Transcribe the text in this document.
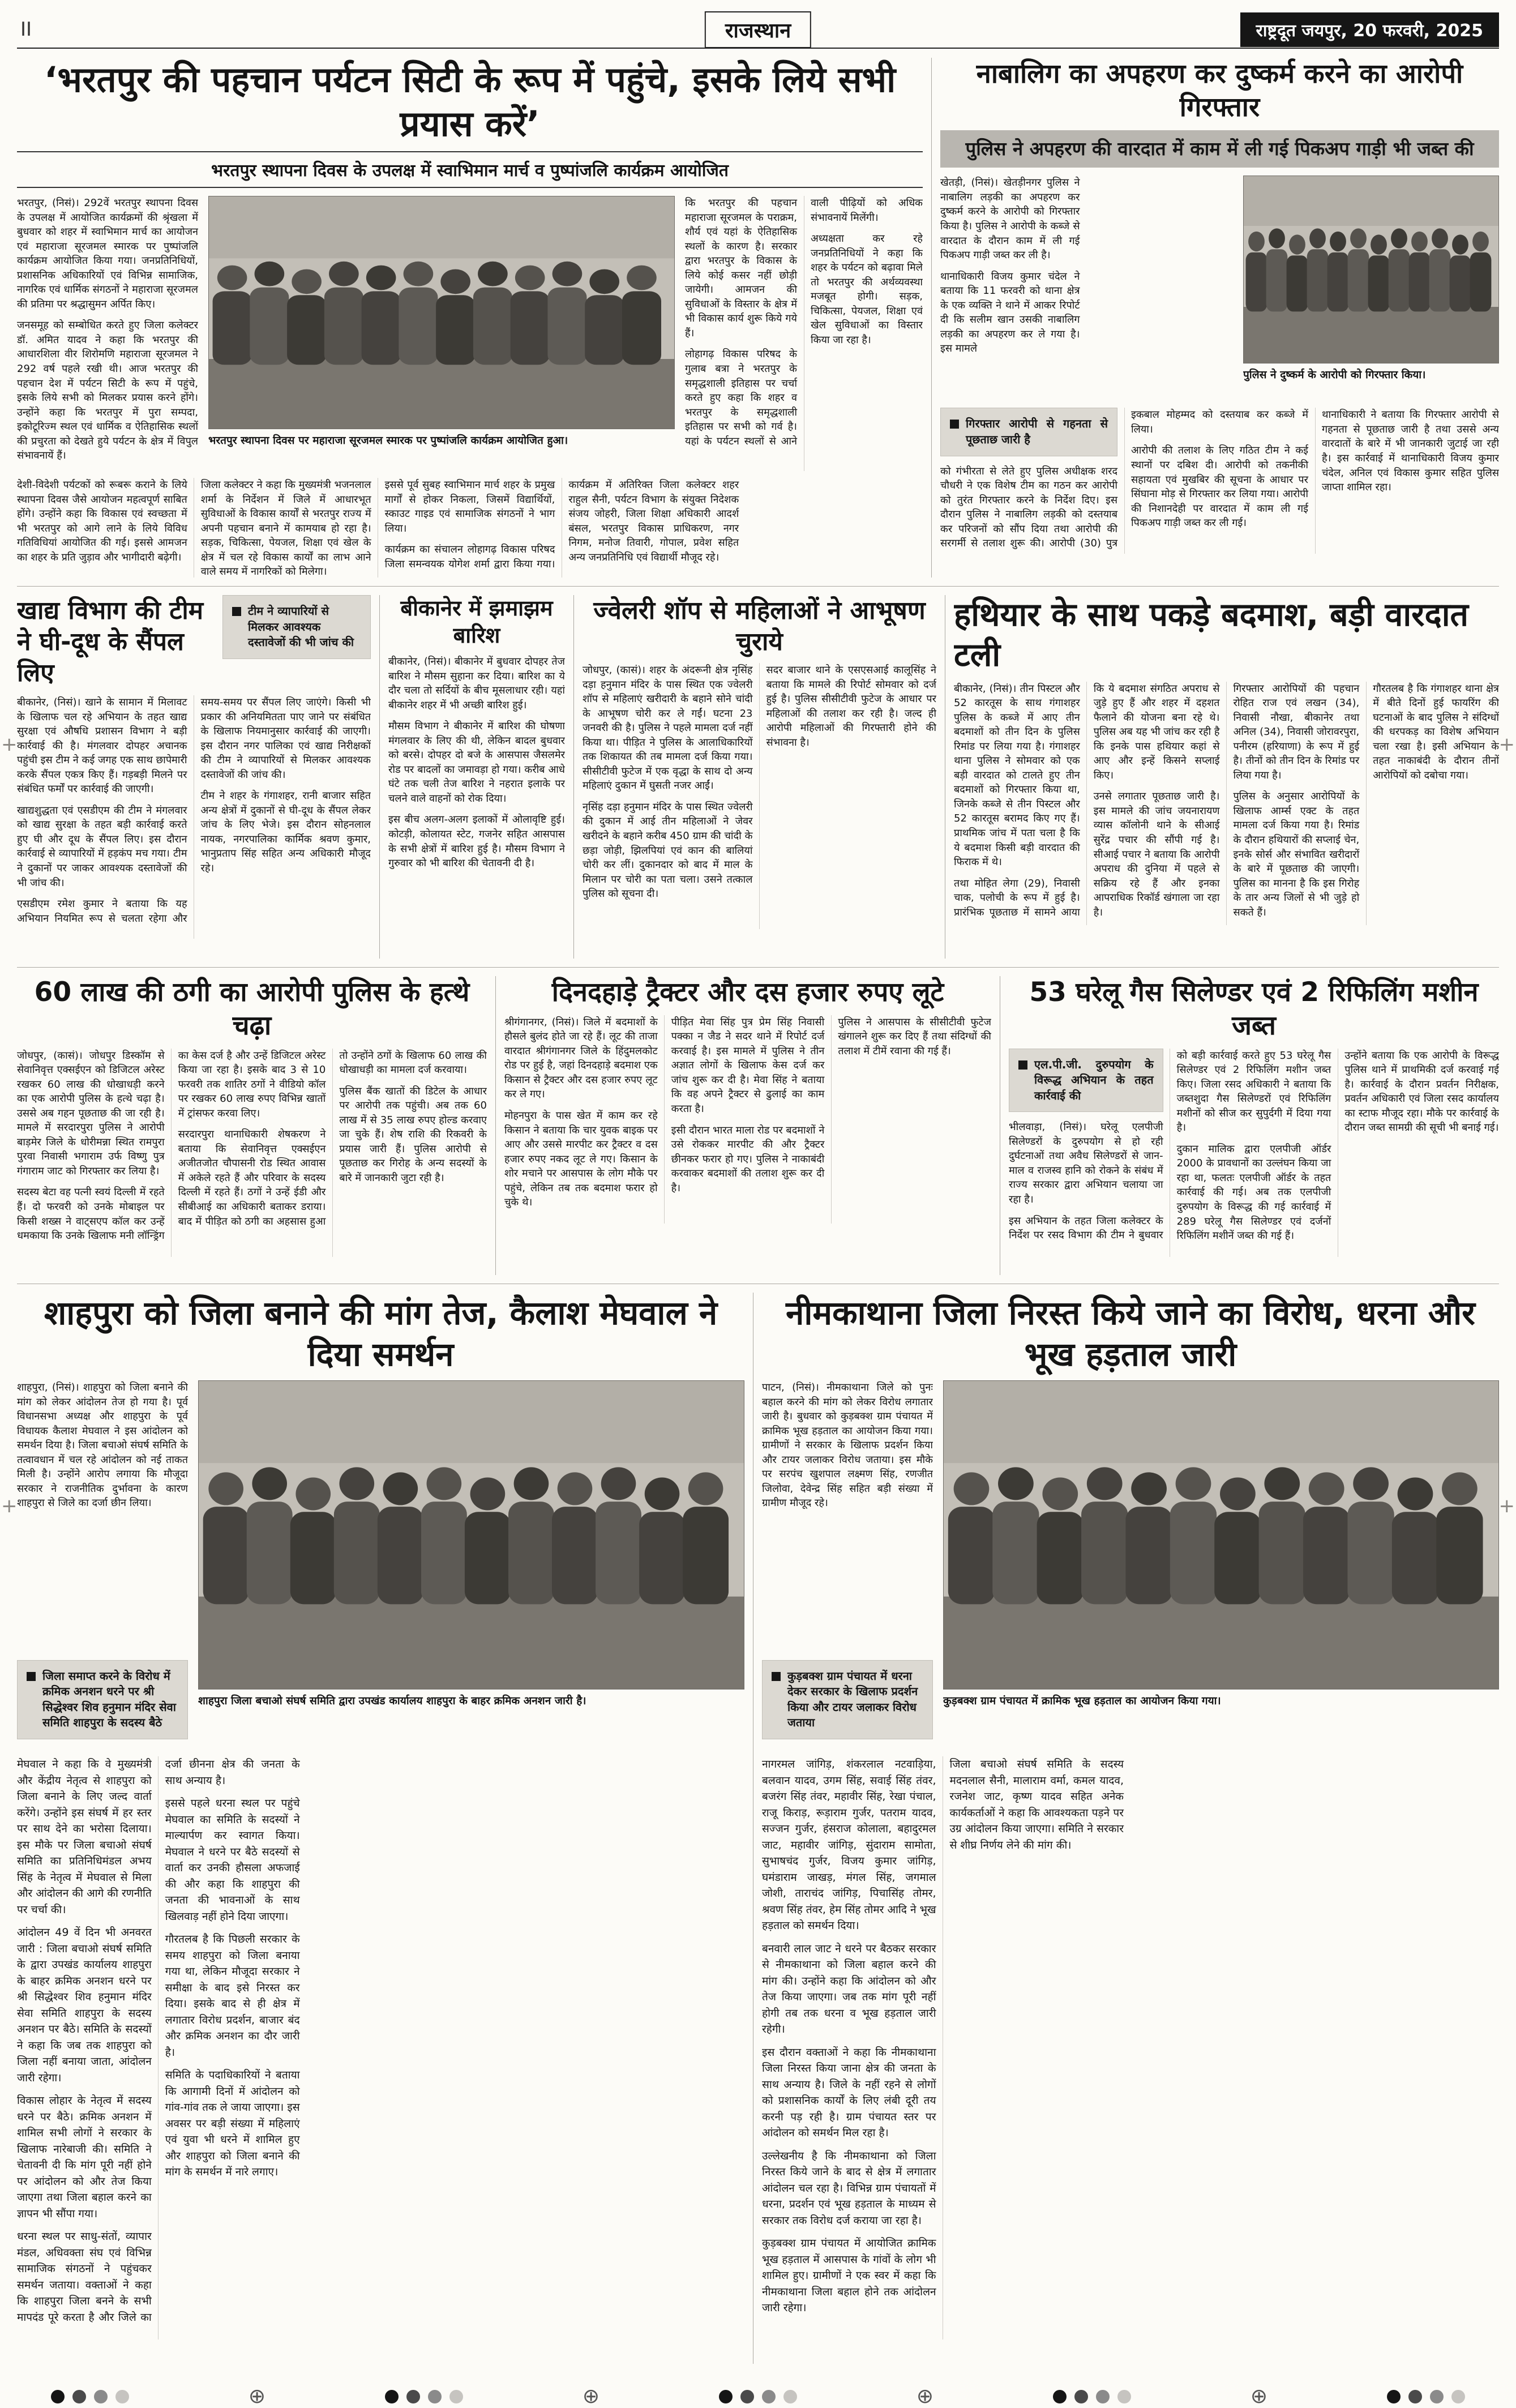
II	राजस्थान	राष्ट्रदूत जयपुर, 20 फरवरी, 2025
+	+
+	+
‘भरतपुर की पहचान पर्यटन सिटी के रूप में पहुंचे, इसके लिये सभी प्रयास करें’
भरतपुर स्थापना दिवस के उपलक्ष में स्वाभिमान मार्च व पुष्पांजलि कार्यक्रम आयोजित

भरतपुर, (निसं)। 292वें भरतपुर स्थापना दिवस के उपलक्ष में आयोजित कार्यक्रमों की श्रृंखला में बुधवार को शहर में स्वाभिमान मार्च का आयोजन एवं महाराजा सूरजमल स्मारक पर पुष्पांजलि कार्यक्रम आयोजित किया गया। जनप्रतिनिधियों, प्रशासनिक अधिकारियों एवं विभिन्न सामाजिक, नागरिक एवं धार्मिक संगठनों ने महाराजा सूरजमल की प्रतिमा पर श्रद्धासुमन अर्पित किए।

जनसमूह को सम्बोधित करते हुए जिला कलेक्टर डॉ. अमित यादव ने कहा कि भरतपुर की आधारशिला वीर शिरोमणि महाराजा सूरजमल ने 292 वर्ष पहले रखी थी। आज भरतपुर की पहचान देश में पर्यटन सिटी के रूप में पहुंचे, इसके लिये सभी को मिलकर प्रयास करने होंगे। उन्होंने कहा कि भरतपुर में पुरा सम्पदा, इकोटूरिज्म स्थल एवं धार्मिक व ऐतिहासिक स्थलों की प्रचुरता को देखते हुये पर्यटन के क्षेत्र में विपुल संभावनायें हैं।

भरतपुर स्थापना दिवस पर महाराजा सूरजमल स्मारक पर पुष्पांजलि कार्यक्रम आयोजित हुआ।

कि भरतपुर की पहचान महाराजा सूरजमल के पराक्रम, शौर्य एवं यहां के ऐतिहासिक स्थलों के कारण है। सरकार द्वारा भरतपुर के विकास के लिये कोई कसर नहीं छोड़ी जायेगी। आमजन की सुविधाओं के विस्तार के क्षेत्र में भी विकास कार्य शुरू किये गये हैं।

लोहागढ़ विकास परिषद के गुलाब बत्रा ने भरतपुर के समृद्धशाली इतिहास पर चर्चा करते हुए कहा कि शहर व भरतपुर के समृद्धशाली इतिहास पर सभी को गर्व है। यहां के पर्यटन स्थलों से आने वाली पीढ़ियों को अधिक संभावनायें मिलेंगी।

अध्यक्षता कर रहे जनप्रतिनिधियों ने कहा कि शहर के पर्यटन को बढ़ावा मिले तो भरतपुर की अर्थव्यवस्था मजबूत होगी। सड़क, चिकित्सा, पेयजल, शिक्षा एवं खेल सुविधाओं का विस्तार किया जा रहा है।

देशी-विदेशी पर्यटकों को रूबरू कराने के लिये स्थापना दिवस जैसे आयोजन महत्वपूर्ण साबित होंगे। उन्होंने कहा कि विकास एवं स्वच्छता में भी भरतपुर को आगे लाने के लिये विविध गतिविधियां आयोजित की गई। इससे आमजन का शहर के प्रति जुड़ाव और भागीदारी बढ़ेगी।

जिला कलेक्टर ने कहा कि मुख्यमंत्री भजनलाल शर्मा के निर्देशन में जिले में आधारभूत सुविधाओं के विकास कार्यों से भरतपुर राज्य में अपनी पहचान बनाने में कामयाब हो रहा है। सड़क, चिकित्सा, पेयजल, शिक्षा एवं खेल के क्षेत्र में चल रहे विकास कार्यों का लाभ आने वाले समय में नागरिकों को मिलेगा।

इससे पूर्व सुबह स्वाभिमान मार्च शहर के प्रमुख मार्गों से होकर निकला, जिसमें विद्यार्थियों, स्काउट गाइड एवं सामाजिक संगठनों ने भाग लिया।

कार्यक्रम का संचालन लोहागढ़ विकास परिषद जिला समन्वयक योगेश शर्मा द्वारा किया गया। कार्यक्रम में अतिरिक्त जिला कलेक्टर शहर राहुल सैनी, पर्यटन विभाग के संयुक्त निदेशक संजय जोहरी, जिला शिक्षा अधिकारी आदर्श बंसल, भरतपुर विकास प्राधिकरण, नगर निगम, मनोज तिवारी, गोपाल, प्रवेश सहित अन्य जनप्रतिनिधि एवं विद्यार्थी मौजूद रहे।

नाबालिग का अपहरण कर दुष्कर्म करने का आरोपी गिरफ्तार
पुलिस ने अपहरण की वारदात में काम में ली गई पिकअप गाड़ी भी जब्त की

खेतड़ी, (निसं)। खेतड़ीनगर पुलिस ने नाबालिग लड़की का अपहरण कर दुष्कर्म करने के आरोपी को गिरफ्तार किया है। पुलिस ने आरोपी के कब्जे से वारदात के दौरान काम में ली गई पिकअप गाड़ी जब्त कर ली है।

थानाधिकारी विजय कुमार चंदेल ने बताया कि 11 फरवरी को थाना क्षेत्र के एक व्यक्ति ने थाने में आकर रिपोर्ट दी कि सलीम खान उसकी नाबालिग लड़की का अपहरण कर ले गया है। इस मामले

पुलिस ने दुष्कर्म के आरोपी को गिरफ्तार किया।
गिरफ्तार आरोपी से गहनता से पूछताछ जारी है

को गंभीरता से लेते हुए पुलिस अधीक्षक शरद चौधरी ने एक विशेष टीम का गठन कर आरोपी को तुरंत गिरफ्तार करने के निर्देश दिए। इस दौरान पुलिस ने नाबालिग लड़की को दस्तयाब कर परिजनों को सौंप दिया तथा आरोपी की सरगर्मी से तलाश शुरू की। आरोपी (30) पुत्र इकबाल मोहम्मद को दस्तयाब कर कब्जे में लिया।

आरोपी की तलाश के लिए गठित टीम ने कई स्थानों पर दबिश दी। आरोपी को तकनीकी सहायता एवं मुखबिर की सूचना के आधार पर सिंघाना मोड़ से गिरफ्तार कर लिया गया। आरोपी की निशानदेही पर वारदात में काम ली गई पिकअप गाड़ी जब्त कर ली गई।

थानाधिकारी ने बताया कि गिरफ्तार आरोपी से गहनता से पूछताछ जारी है तथा उससे अन्य वारदातों के बारे में भी जानकारी जुटाई जा रही है। इस कार्रवाई में थानाधिकारी विजय कुमार चंदेल, अनिल एवं विकास कुमार सहित पुलिस जाप्ता शामिल रहा।

खाद्य विभाग की टीम ने घी-दूध के सैंपल लिए
टीम ने व्यापारियों से मिलकर आवश्यक दस्तावेजों की भी जांच की

बीकानेर, (निसं)। खाने के सामान में मिलावट के खिलाफ चल रहे अभियान के तहत खाद्य सुरक्षा एवं औषधि प्रशासन विभाग ने बड़ी कार्रवाई की है। मंगलवार दोपहर अचानक पहुंची इस टीम ने कई जगह एक साथ छापेमारी करके सैंपल एकत्र किए हैं। गड़बड़ी मिलने पर संबंधित फर्मों पर कार्रवाई की जाएगी।

खाद्यशुद्धता एवं एसडीएम की टीम ने मंगलवार को खाद्य सुरक्षा के तहत बड़ी कार्रवाई करते हुए घी और दूध के सैंपल लिए। इस दौरान कार्रवाई से व्यापारियों में हड़कंप मच गया। टीम ने दुकानों पर जाकर आवश्यक दस्तावेजों की भी जांच की।

एसडीएम रमेश कुमार ने बताया कि यह अभियान नियमित रूप से चलता रहेगा और समय-समय पर सैंपल लिए जाएंगे। किसी भी प्रकार की अनियमितता पाए जाने पर संबंधित के खिलाफ नियमानुसार कार्रवाई की जाएगी। इस दौरान नगर पालिका एवं खाद्य निरीक्षकों की टीम ने व्यापारियों से मिलकर आवश्यक दस्तावेजों की जांच की।

टीम ने शहर के गंगाशहर, रानी बाजार सहित अन्य क्षेत्रों में दुकानों से घी-दूध के सैंपल लेकर जांच के लिए भेजे। इस दौरान सोहनलाल नायक, नगरपालिका कार्मिक श्रवण कुमार, भानुप्रताप सिंह सहित अन्य अधिकारी मौजूद रहे।

बीकानेर में झमाझम बारिश

बीकानेर, (निसं)। बीकानेर में बुधवार दोपहर तेज बारिश ने मौसम सुहाना कर दिया। बारिश का ये दौर चला तो सर्दियों के बीच मूसलाधार रही। यहां बीकानेर शहर में भी अच्छी बारिश हुई।

मौसम विभाग ने बीकानेर में बारिश की घोषणा मंगलवार के लिए की थी, लेकिन बादल बुधवार को बरसे। दोपहर दो बजे के आसपास जैसलमेर रोड पर बादलों का जमावड़ा हो गया। करीब आधे घंटे तक चली तेज बारिश ने नहरात इलाके पर चलने वाले वाहनों को रोक दिया।

इस बीच अलग-अलग इलाकों में ओलावृष्टि हुई। कोटड़ी, कोलायत स्टेट, गजनेर सहित आसपास के सभी क्षेत्रों में बारिश हुई है। मौसम विभाग ने गुरुवार को भी बारिश की चेतावनी दी है।

ज्वेलरी शॉप से महिलाओं ने आभूषण चुराये

जोधपुर, (कासं)। शहर के अंदरूनी क्षेत्र नृसिंह दड़ा हनुमान मंदिर के पास स्थित एक ज्वेलरी शॉप से महिलाएं खरीदारी के बहाने सोने चांदी के आभूषण चोरी कर ले गईं। घटना 23 जनवरी की है। पुलिस ने पहले मामला दर्ज नहीं किया था। पीड़ित ने पुलिस के आलाधिकारियों तक शिकायत की तब मामला दर्ज किया गया। सीसीटीवी फुटेज में एक वृद्धा के साथ दो अन्य महिलाएं दुकान में घुसती नजर आईं।

नृसिंह दड़ा हनुमान मंदिर के पास स्थित ज्वेलरी की दुकान में आई तीन महिलाओं ने जेवर खरीदने के बहाने करीब 450 ग्राम की चांदी के छड़ा जोड़ी, झिलपियां एवं कान की बालियां चोरी कर लीं। दुकानदार को बाद में माल के मिलान पर चोरी का पता चला। उसने तत्काल पुलिस को सूचना दी।

सदर बाजार थाने के एसएसआई कालूसिंह ने बताया कि मामले की रिपोर्ट सोमवार को दर्ज हुई है। पुलिस सीसीटीवी फुटेज के आधार पर महिलाओं की तलाश कर रही है। जल्द ही आरोपी महिलाओं की गिरफ्तारी होने की संभावना है।

हथियार के साथ पकड़े बदमाश, बड़ी वारदात टली

बीकानेर, (निसं)। तीन पिस्टल और 52 कारतूस के साथ गंगाशहर पुलिस के कब्जे में आए तीन बदमाशों को तीन दिन के पुलिस रिमांड पर लिया गया है। गंगाशहर थाना पुलिस ने सोमवार को एक बड़ी वारदात को टालते हुए तीन बदमाशों को गिरफ्तार किया था, जिनके कब्जे से तीन पिस्टल और 52 कारतूस बरामद किए गए हैं। प्राथमिक जांच में पता चला है कि ये बदमाश किसी बड़ी वारदात की फिराक में थे।

तथा मोहित लेगा (29), निवासी चाक, पलोची के रूप में हुई है। प्रारंभिक पूछताछ में सामने आया कि ये बदमाश संगठित अपराध से जुड़े हुए हैं और शहर में दहशत फैलाने की योजना बना रहे थे। पुलिस अब यह भी जांच कर रही है कि इनके पास हथियार कहां से आए और इन्हें किसने सप्लाई किए।

उनसे लगातार पूछताछ जारी है। इस मामले की जांच जयनारायण व्यास कॉलोनी थाने के सीआई सुरेंद्र पचार की सौंपी गई है। सीआई पचार ने बताया कि आरोपी अपराध की दुनिया में पहले से सक्रिय रहे हैं और इनका आपराधिक रिकॉर्ड खंगाला जा रहा है।

गिरफ्तार आरोपियों की पहचान रोहित राज एवं लखन (34), निवासी नौखा, बीकानेर तथा अनिल (34), निवासी जोरावरपुरा, पनीरम (हरियाणा) के रूप में हुई है। तीनों को तीन दिन के रिमांड पर लिया गया है।

पुलिस के अनुसार आरोपियों के खिलाफ आर्म्स एक्ट के तहत मामला दर्ज किया गया है। रिमांड के दौरान हथियारों की सप्लाई चेन, इनके सोर्स और संभावित खरीदारों के बारे में पूछताछ की जाएगी। पुलिस का मानना है कि इस गिरोह के तार अन्य जिलों से भी जुड़े हो सकते हैं।

गौरतलब है कि गंगाशहर थाना क्षेत्र में बीते दिनों हुई फायरिंग की घटनाओं के बाद पुलिस ने संदिग्धों की धरपकड़ का विशेष अभियान चला रखा है। इसी अभियान के तहत नाकाबंदी के दौरान तीनों आरोपियों को दबोचा गया।

60 लाख की ठगी का आरोपी पुलिस के हत्थे चढ़ा

जोधपुर, (कासं)। जोधपुर डिस्कॉम से सेवानिवृत्त एक्सईएन को डिजिटल अरेस्ट रखकर 60 लाख की धोखाधड़ी करने का एक आरोपी पुलिस के हत्थे चढ़ा है। उससे अब गहन पूछताछ की जा रही है। मामले में सरदारपुरा पुलिस ने आरोपी बाड़मेर जिले के धोरीमन्ना स्थित रामपुरा पुरवा निवासी भगाराम उर्फ विष्णु पुत्र गंगाराम जाट को गिरफ्तार कर लिया है।

सदस्य बेटा वह पत्नी स्वयं दिल्ली में रहते हैं। दो फरवरी को उनके मोबाइल पर किसी शख्स ने वाट्सएप कॉल कर उन्हें धमकाया कि उनके खिलाफ मनी लॉन्ड्रिंग का केस दर्ज है और उन्हें डिजिटल अरेस्ट किया जा रहा है। इसके बाद 3 से 10 फरवरी तक शातिर ठगों ने वीडियो कॉल पर रखकर 60 लाख रुपए विभिन्न खातों में ट्रांसफर करवा लिए।

सरदारपुरा थानाधिकारी शेषकरण ने बताया कि सेवानिवृत्त एक्सईएन अजीतजोत चौपासनी रोड स्थित आवास में अकेले रहते हैं और परिवार के सदस्य दिल्ली में रहते हैं। ठगों ने उन्हें ईडी और सीबीआई का अधिकारी बताकर डराया। बाद में पीड़ित को ठगी का अहसास हुआ तो उन्होंने ठगों के खिलाफ 60 लाख की धोखाधड़ी का मामला दर्ज करवाया।

पुलिस बैंक खातों की डिटेल के आधार पर आरोपी तक पहुंची। अब तक 60 लाख में से 35 लाख रुपए होल्ड करवाए जा चुके हैं। शेष राशि की रिकवरी के प्रयास जारी हैं। पुलिस आरोपी से पूछताछ कर गिरोह के अन्य सदस्यों के बारे में जानकारी जुटा रही है।

दिनदहाड़े ट्रैक्टर और दस हजार रुपए लूटे

श्रीगंगानगर, (निसं)। जिले में बदमाशों के हौसले बुलंद होते जा रहे हैं। लूट की ताजा वारदात श्रीगंगानगर जिले के हिंदुमलकोट रोड पर हुई है, जहां दिनदहाड़े बदमाश एक किसान से ट्रैक्टर और दस हजार रुपए लूट कर ले गए।

मोहनपुरा के पास खेत में काम कर रहे किसान ने बताया कि चार युवक बाइक पर आए और उससे मारपीट कर ट्रैक्टर व दस हजार रुपए नकद लूट ले गए। किसान के शोर मचाने पर आसपास के लोग मौके पर पहुंचे, लेकिन तब तक बदमाश फरार हो चुके थे।

पीड़ित मेवा सिंह पुत्र प्रेम सिंह निवासी पक्का न जैड ने सदर थाने में रिपोर्ट दर्ज करवाई है। इस मामले में पुलिस ने तीन अज्ञात लोगों के खिलाफ केस दर्ज कर जांच शुरू कर दी है। मेवा सिंह ने बताया कि वह अपने ट्रैक्टर से ढुलाई का काम करता है।

इसी दौरान भारत माला रोड पर बदमाशों ने उसे रोककर मारपीट की और ट्रैक्टर छीनकर फरार हो गए। पुलिस ने नाकाबंदी करवाकर बदमाशों की तलाश शुरू कर दी है।

पुलिस ने आसपास के सीसीटीवी फुटेज खंगालने शुरू कर दिए हैं तथा संदिग्धों की तलाश में टीमें रवाना की गई हैं।

53 घरेलू गैस सिलेण्डर एवं 2 रिफिलिंग मशीन जब्त
एल.पी.जी. दुरुपयोग के विरूद्ध अभियान के तहत कार्रवाई की

भीलवाड़ा, (निसं)। घरेलू एलपीजी सिलेण्डरों के दुरुपयोग से हो रही दुर्घटनाओं तथा अवैध सिलेण्डरों से जान-माल व राजस्व हानि को रोकने के संबंध में राज्य सरकार द्वारा अभियान चलाया जा रहा है।

इस अभियान के तहत जिला कलेक्टर के निर्देश पर रसद विभाग की टीम ने बुधवार को बड़ी कार्रवाई करते हुए 53 घरेलू गैस सिलेण्डर एवं 2 रिफिलिंग मशीन जब्त किए। जिला रसद अधिकारी ने बताया कि जब्तशुदा गैस सिलेण्डरों एवं रिफिलिंग मशीनों को सीज कर सुपुर्दगी में दिया गया है।

दुकान मालिक द्वारा एलपीजी ऑर्डर 2000 के प्रावधानों का उल्लंघन किया जा रहा था, फलतः एलपीजी ऑर्डर के तहत कार्रवाई की गई। अब तक एलपीजी दुरुपयोग के विरूद्ध की गई कार्रवाई में 289 घरेलू गैस सिलेण्डर एवं दर्जनों रिफिलिंग मशीनें जब्त की गई हैं।

उन्होंने बताया कि एक आरोपी के विरूद्ध पुलिस थाने में प्राथमिकी दर्ज करवाई गई है। कार्रवाई के दौरान प्रवर्तन निरीक्षक, प्रवर्तन अधिकारी एवं जिला रसद कार्यालय का स्टाफ मौजूद रहा। मौके पर कार्रवाई के दौरान जब्त सामग्री की सूची भी बनाई गई।

शाहपुरा को जिला बनाने की मांग तेज, कैलाश मेघवाल ने दिया समर्थन

शाहपुरा, (निसं)। शाहपुरा को जिला बनाने की मांग को लेकर आंदोलन तेज हो गया है। पूर्व विधानसभा अध्यक्ष और शाहपुरा के पूर्व विधायक कैलाश मेघवाल ने इस आंदोलन को समर्थन दिया है। जिला बचाओ संघर्ष समिति के तत्वावधान में चल रहे आंदोलन को नई ताकत मिली है। उन्होंने आरोप लगाया कि मौजूदा सरकार ने राजनीतिक दुर्भावना के कारण शाहपुरा से जिले का दर्जा छीन लिया।

जिला समाप्त करने के विरोध में क्रमिक अनशन धरने पर श्री सिद्धेश्वर शिव हनुमान मंदिर सेवा समिति शाहपुरा के सदस्य बैठे
शाहपुरा जिला बचाओ संघर्ष समिति द्वारा उपखंड कार्यालय शाहपुरा के बाहर क्रमिक अनशन जारी है।

मेघवाल ने कहा कि वे मुख्यमंत्री और केंद्रीय नेतृत्व से शाहपुरा को जिला बनाने के लिए जल्द वार्ता करेंगे। उन्होंने इस संघर्ष में हर स्तर पर साथ देने का भरोसा दिलाया। इस मौके पर जिला बचाओ संघर्ष समिति का प्रतिनिधिमंडल अभय सिंह के नेतृत्व में मेघवाल से मिला और आंदोलन की आगे की रणनीति पर चर्चा की।

आंदोलन 49 वें दिन भी अनवरत जारी : जिला बचाओ संघर्ष समिति के द्वारा उपखंड कार्यालय शाहपुरा के बाहर क्रमिक अनशन धरने पर श्री सिद्धेश्वर शिव हनुमान मंदिर सेवा समिति शाहपुरा के सदस्य अनशन पर बैठे। समिति के सदस्यों ने कहा कि जब तक शाहपुरा को जिला नहीं बनाया जाता, आंदोलन जारी रहेगा।

विकास लोहार के नेतृत्व में सदस्य धरने पर बैठे। क्रमिक अनशन में शामिल सभी लोगों ने सरकार के खिलाफ नारेबाजी की। समिति ने चेतावनी दी कि मांग पूरी नहीं होने पर आंदोलन को और तेज किया जाएगा तथा जिला बहाल करने का ज्ञापन भी सौंपा गया।

धरना स्थल पर साधु-संतों, व्यापार मंडल, अधिवक्ता संघ एवं विभिन्न सामाजिक संगठनों ने पहुंचकर समर्थन जताया। वक्ताओं ने कहा कि शाहपुरा जिला बनने के सभी मापदंड पूरे करता है और जिले का दर्जा छीनना क्षेत्र की जनता के साथ अन्याय है।

इससे पहले धरना स्थल पर पहुंचे मेघवाल का समिति के सदस्यों ने माल्यार्पण कर स्वागत किया। मेघवाल ने धरने पर बैठे सदस्यों से वार्ता कर उनकी हौसला अफजाई की और कहा कि शाहपुरा की जनता की भावनाओं के साथ खिलवाड़ नहीं होने दिया जाएगा।

गौरतलब है कि पिछली सरकार के समय शाहपुरा को जिला बनाया गया था, लेकिन मौजूदा सरकार ने समीक्षा के बाद इसे निरस्त कर दिया। इसके बाद से ही क्षेत्र में लगातार विरोध प्रदर्शन, बाजार बंद और क्रमिक अनशन का दौर जारी है।

समिति के पदाधिकारियों ने बताया कि आगामी दिनों में आंदोलन को गांव-गांव तक ले जाया जाएगा। इस अवसर पर बड़ी संख्या में महिलाएं एवं युवा भी धरने में शामिल हुए और शाहपुरा को जिला बनाने की मांग के समर्थन में नारे लगाए।

नीमकाथाना जिला निरस्त किये जाने का विरोध, धरना और भूख हड़ताल जारी

पाटन, (निसं)। नीमकाथाना जिले को पुनः बहाल करने की मांग को लेकर विरोध लगातार जारी है। बुधवार को कुड़बक्श ग्राम पंचायत में क्रामिक भूख हड़ताल का आयोजन किया गया। ग्रामीणों ने सरकार के खिलाफ प्रदर्शन किया और टायर जलाकर विरोध जताया। इस मौके पर सरपंच खुशपाल लक्ष्मण सिंह, रणजीत जिलोवा, देवेन्द्र सिंह सहित बड़ी संख्या में ग्रामीण मौजूद रहे।

कुड़बक्श ग्राम पंचायत में धरना देकर सरकार के खिलाफ प्रदर्शन किया और टायर जलाकर विरोध जताया
कुड़बक्श ग्राम पंचायत में क्रामिक भूख हड़ताल का आयोजन किया गया।

नागरमल जांगिड़, शंकरलाल नटवाड़िया, बलवान यादव, उगम सिंह, सवाई सिंह तंवर, बजरंग सिंह तंवर, महावीर सिंह, रेखा पंचाल, राजू किराड़, रूड़ाराम गुर्जर, पतराम यादव, सज्जन गुर्जर, हंसराज कोलाला, बहादुरमल जाट, महावीर जांगिड़, सुंदाराम सामोता, सुभाषचंद गुर्जर, विजय कुमार जांगिड़, घमंडाराम जाखड़, मंगल सिंह, जगमाल जोशी, ताराचंद जांगिड़, पिचासिंह तोमर, श्रवण सिंह तंवर, हेम सिंह तोमर आदि ने भूख हड़ताल को समर्थन दिया।

बनवारी लाल जाट ने धरने पर बैठकर सरकार से नीमकाथाना को जिला बहाल करने की मांग की। उन्होंने कहा कि आंदोलन को और तेज किया जाएगा। जब तक मांग पूरी नहीं होगी तब तक धरना व भूख हड़ताल जारी रहेगी।

इस दौरान वक्ताओं ने कहा कि नीमकाथाना जिला निरस्त किया जाना क्षेत्र की जनता के साथ अन्याय है। जिले के नहीं रहने से लोगों को प्रशासनिक कार्यों के लिए लंबी दूरी तय करनी पड़ रही है। ग्राम पंचायत स्तर पर आंदोलन को समर्थन मिल रहा है।

उल्लेखनीय है कि नीमकाथाना को जिला निरस्त किये जाने के बाद से क्षेत्र में लगातार आंदोलन चल रहा है। विभिन्न ग्राम पंचायतों में धरना, प्रदर्शन एवं भूख हड़ताल के माध्यम से सरकार तक विरोध दर्ज कराया जा रहा है।

कुड़बक्श ग्राम पंचायत में आयोजित क्रामिक भूख हड़ताल में आसपास के गांवों के लोग भी शामिल हुए। ग्रामीणों ने एक स्वर में कहा कि नीमकाथाना जिला बहाल होने तक आंदोलन जारी रहेगा।

जिला बचाओ संघर्ष समिति के सदस्य मदनलाल सैनी, मालाराम वर्मा, कमल यादव, रजनेश जाट, कृष्ण यादव सहित अनेक कार्यकर्ताओं ने कहा कि आवश्यकता पड़ने पर उग्र आंदोलन किया जाएगा। समिति ने सरकार से शीघ्र निर्णय लेने की मांग की।

⊕	⊕	⊕	⊕
